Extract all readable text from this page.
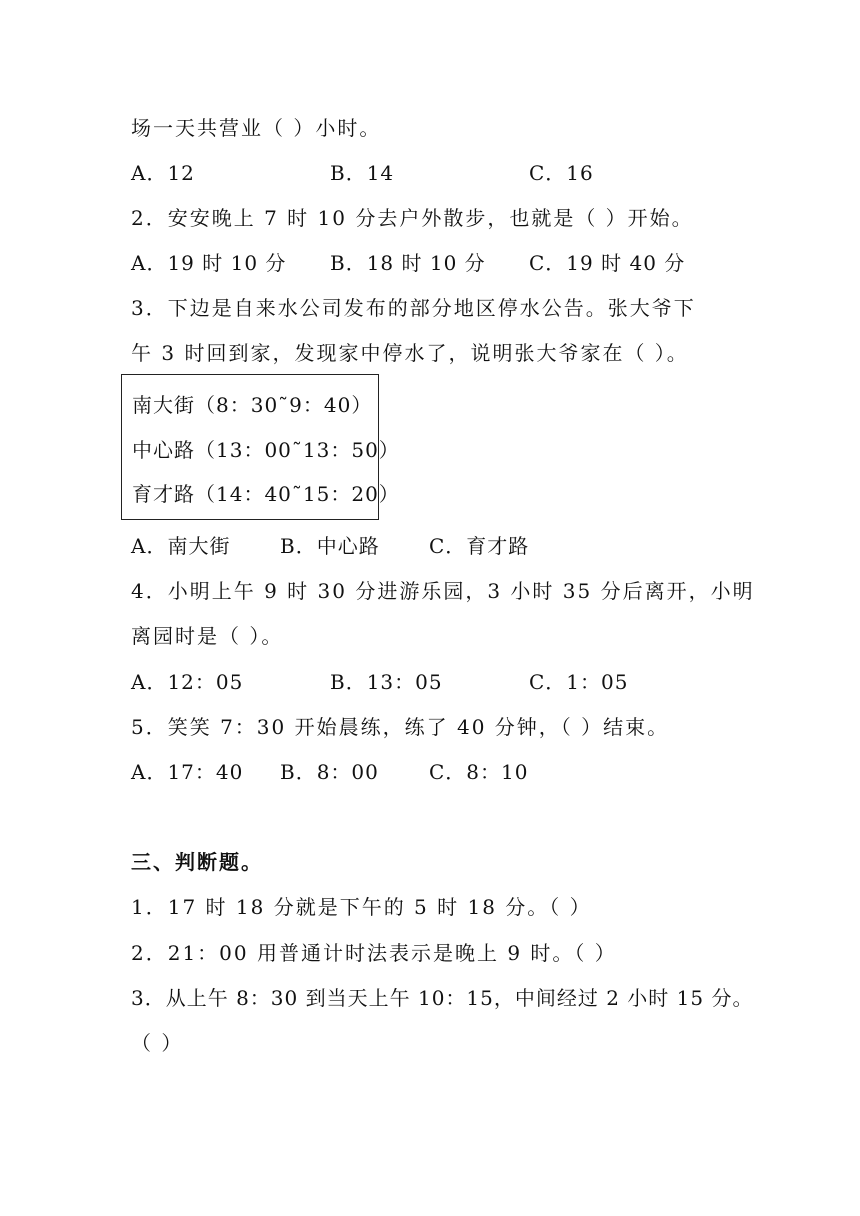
场一天共营业（ ）小时。
A．12	B．14	C．16
2．安安晚上 7 时 10 分去户外散步，也就是（ ）开始。
A．19 时 10 分 B．18 时 10 分 C．19 时 40 分
3．下边是自来水公司发布的部分地区停水公告。张大爷下
午 3 时回到家，发现家中停水了，说明张大爷家在（ ）。
南大街（8：30˜9：40）
中心路（13：00˜13：50）
育才路（14：40˜15：20）
A．南大街 B．中心路 C．育才路
4．小明上午 9 时 30 分进游乐园，3 小时 35 分后离开，小明
离园时是（ ）。
A．12：05	B．13：05	C．1：05
5．笑笑 7：30 开始晨练，练了 40 分钟，（ ）结束。
A．17：40 B．8：00	C．8：10
三、判断题。
1．17 时 18 分就是下午的 5 时 18 分。（ ）
2．21：00 用普通计时法表示是晚上 9 时。（ ）
3．从上午 8：30 到当天上午 10：15，中间经过 2 小时 15 分。
（ ）
